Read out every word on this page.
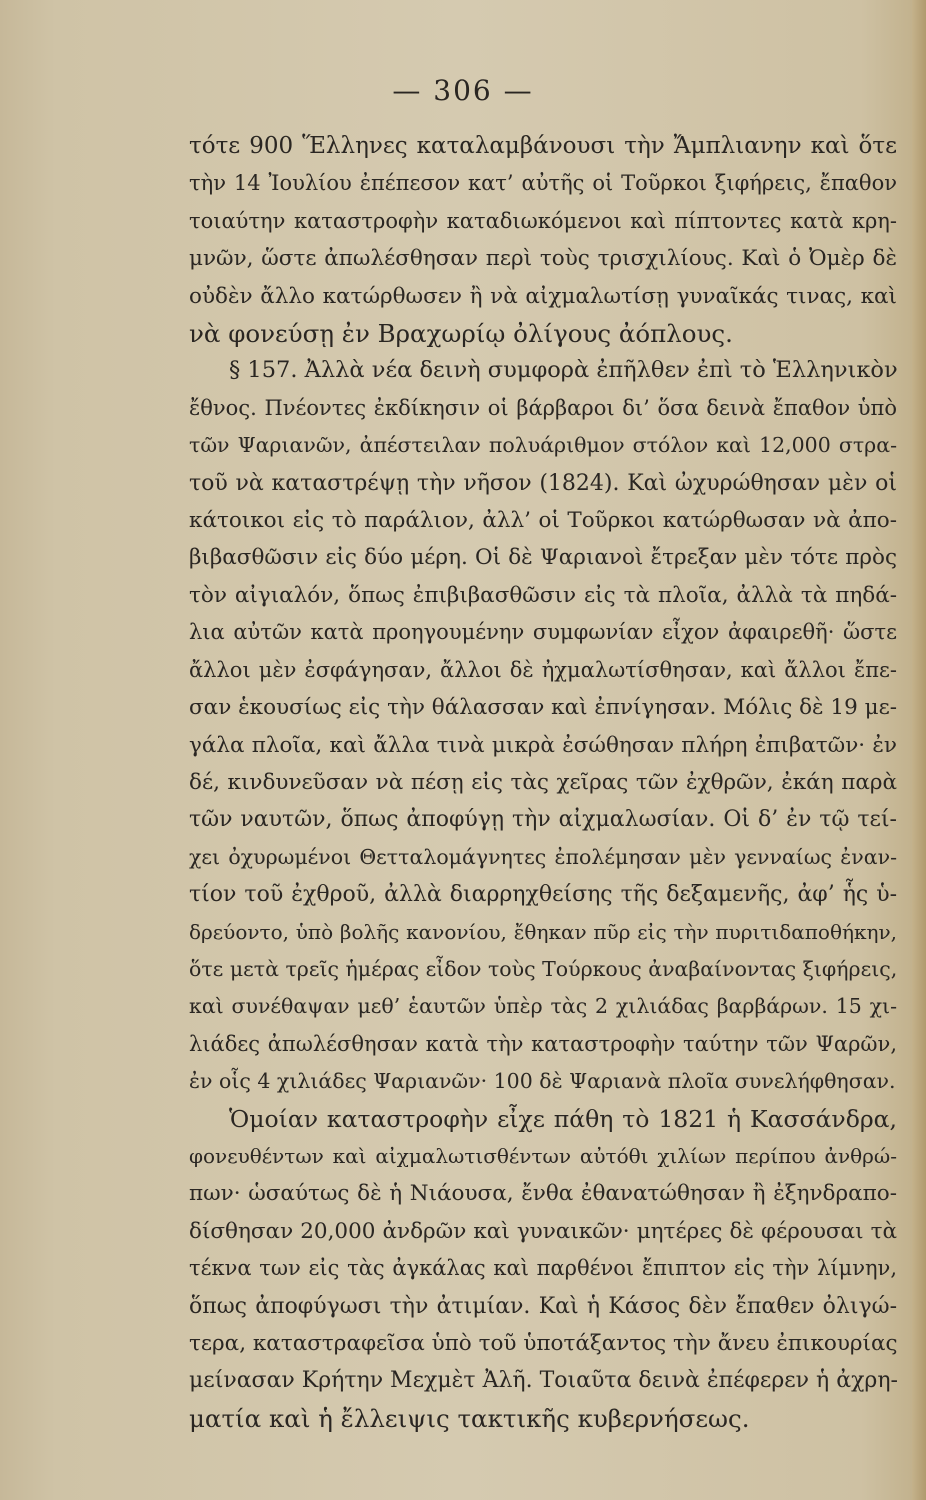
— 306 —
τότε 900 Ἕλληνες καταλαμβάνουσι τὴν Ἄμπλιανην καὶ ὅτε
τὴν 14 Ἰουλίου ἐπέπεσον κατ’ αὐτῆς οἱ Τοῦρκοι ξιφήρεις, ἔπαθον
τοιαύτην καταστροφὴν καταδιωκόμενοι καὶ πίπτοντες κατὰ κρη-
μνῶν, ὥστε ἀπωλέσθησαν περὶ τοὺς τρισχιλίους. Καὶ ὁ Ὀμὲρ δὲ
οὐδὲν ἄλλο κατώρθωσεν ἢ νὰ αἰχμαλωτίσῃ γυναῖκάς τινας, καὶ
νὰ φονεύσῃ ἐν Βραχωρίῳ ὀλίγους ἀόπλους.
§ 157. Ἀλλὰ νέα δεινὴ συμφορὰ ἐπῆλθεν ἐπὶ τὸ Ἑλληνικὸν
ἔθνος. Πνέοντες ἐκδίκησιν οἱ βάρβαροι δι’ ὅσα δεινὰ ἔπαθον ὑπὸ
τῶν Ψαριανῶν, ἀπέστειλαν πολυάριθμον στόλον καὶ 12,000 στρα-
τοῦ νὰ καταστρέψῃ τὴν νῆσον (1824). Καὶ ὠχυρώθησαν μὲν οἱ
κάτοικοι εἰς τὸ παράλιον, ἀλλ’ οἱ Τοῦρκοι κατώρθωσαν νὰ ἀπο-
βιβασθῶσιν εἰς δύο μέρη. Οἱ δὲ Ψαριανοὶ ἔτρεξαν μὲν τότε πρὸς
τὸν αἰγιαλόν, ὅπως ἐπιβιβασθῶσιν εἰς τὰ πλοῖα, ἀλλὰ τὰ πηδά-
λια αὐτῶν κατὰ προηγουμένην συμφωνίαν εἶχον ἀφαιρεθῆ· ὥστε
ἄλλοι μὲν ἐσφάγησαν, ἄλλοι δὲ ἠχμαλωτίσθησαν, καὶ ἄλλοι ἔπε-
σαν ἑκουσίως εἰς τὴν θάλασσαν καὶ ἐπνίγησαν. Μόλις δὲ 19 με-
γάλα πλοῖα, καὶ ἄλλα τινὰ μικρὰ ἐσώθησαν πλήρη ἐπιβατῶν· ἐν
δέ, κινδυνεῦσαν νὰ πέσῃ εἰς τὰς χεῖρας τῶν ἐχθρῶν, ἐκάη παρὰ
τῶν ναυτῶν, ὅπως ἀποφύγῃ τὴν αἰχμαλωσίαν. Οἱ δ’ ἐν τῷ τεί-
χει ὀχυρωμένοι Θετταλομάγνητες ἐπολέμησαν μὲν γενναίως ἐναν-
τίον τοῦ ἐχθροῦ, ἀλλὰ διαρρηχθείσης τῆς δεξαμενῆς, ἀφ’ ἧς ὑ-
δρεύοντο, ὑπὸ βολῆς κανονίου, ἔθηκαν πῦρ εἰς τὴν πυριτιδαποθήκην,
ὅτε μετὰ τρεῖς ἡμέρας εἶδον τοὺς Τούρκους ἀναβαίνοντας ξιφήρεις,
καὶ συνέθαψαν μεθ’ ἑαυτῶν ὑπὲρ τὰς 2 χιλιάδας βαρβάρων. 15 χι-
λιάδες ἀπωλέσθησαν κατὰ τὴν καταστροφὴν ταύτην τῶν Ψαρῶν,
ἐν οἷς 4 χιλιάδες Ψαριανῶν· 100 δὲ Ψαριανὰ πλοῖα συνελήφθησαν.
Ὁμοίαν καταστροφὴν εἶχε πάθη τὸ 1821 ἡ Κασσάνδρα,
φονευθέντων καὶ αἰχμαλωτισθέντων αὐτόθι χιλίων περίπου ἀνθρώ-
πων· ὡσαύτως δὲ ἡ Νιάουσα, ἔνθα ἐθανατώθησαν ἢ ἐξηνδραπο-
δίσθησαν 20,000 ἀνδρῶν καὶ γυναικῶν· μητέρες δὲ φέρουσαι τὰ
τέκνα των εἰς τὰς ἀγκάλας καὶ παρθένοι ἔπιπτον εἰς τὴν λίμνην,
ὅπως ἀποφύγωσι τὴν ἀτιμίαν. Καὶ ἡ Κάσος δὲν ἔπαθεν ὀλιγώ-
τερα, καταστραφεῖσα ὑπὸ τοῦ ὑποτάξαντος τὴν ἄνευ ἐπικουρίας
μείνασαν Κρήτην Μεχμὲτ Ἀλῆ. Τοιαῦτα δεινὰ ἐπέφερεν ἡ ἀχρη-
ματία καὶ ἡ ἔλλειψις τακτικῆς κυβερνήσεως.
